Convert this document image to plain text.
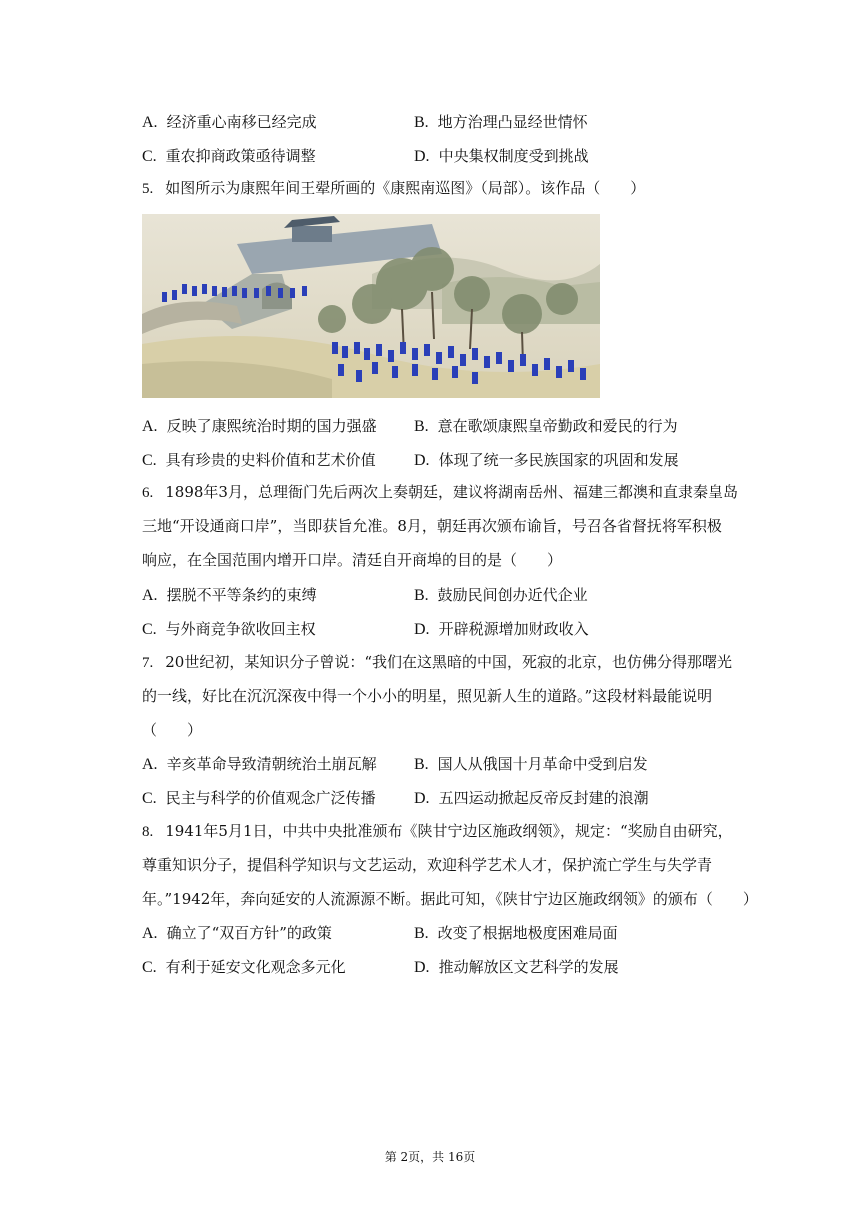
A. 经济重心南移已经完成	B. 地方治理凸显经世情怀
C. 重农抑商政策亟待调整	D. 中央集权制度受到挑战
5. 如图所示为康熙年间王翚所画的《康熙南巡图》（局部）。该作品（　　）
A. 反映了康熙统治时期的国力强盛 B. 意在歌颂康熙皇帝勤政和爱民的行为
C. 具有珍贵的史料价值和艺术价值 D. 体现了统一多民族国家的巩固和发展
6. 1898年3月，总理衙门先后两次上奏朝廷，建议将湖南岳州、福建三都澳和直隶秦皇岛
三地“开设通商口岸”，当即获旨允准。8月，朝廷再次颁布谕旨，号召各省督抚将军积极
响应，在全国范围内增开口岸。清廷自开商埠的目的是（　　）
A. 摆脱不平等条约的束缚	B. 鼓励民间创办近代企业
C. 与外商竞争欲收回主权	D. 开辟税源增加财政收入
7. 20世纪初，某知识分子曾说：“我们在这黑暗的中国，死寂的北京，也仿佛分得那曙光
的一线，好比在沉沉深夜中得一个小小的明星，照见新人生的道路。”这段材料最能说明
（　　）
A. 辛亥革命导致清朝统治土崩瓦解 B. 国人从俄国十月革命中受到启发
C. 民主与科学的价值观念广泛传播 D. 五四运动掀起反帝反封建的浪潮
8. 1941年5月1日，中共中央批准颁布《陕甘宁边区施政纲领》，规定：“奖励自由研究，
尊重知识分子，提倡科学知识与文艺运动，欢迎科学艺术人才，保护流亡学生与失学青
年。”1942年，奔向延安的人流源源不断。据此可知，《陕甘宁边区施政纲领》的颁布（　　）
A. 确立了“双百方针”的政策	B. 改变了根据地极度困难局面
C. 有利于延安文化观念多元化	D. 推动解放区文艺科学的发展
第 2页，共 16页
